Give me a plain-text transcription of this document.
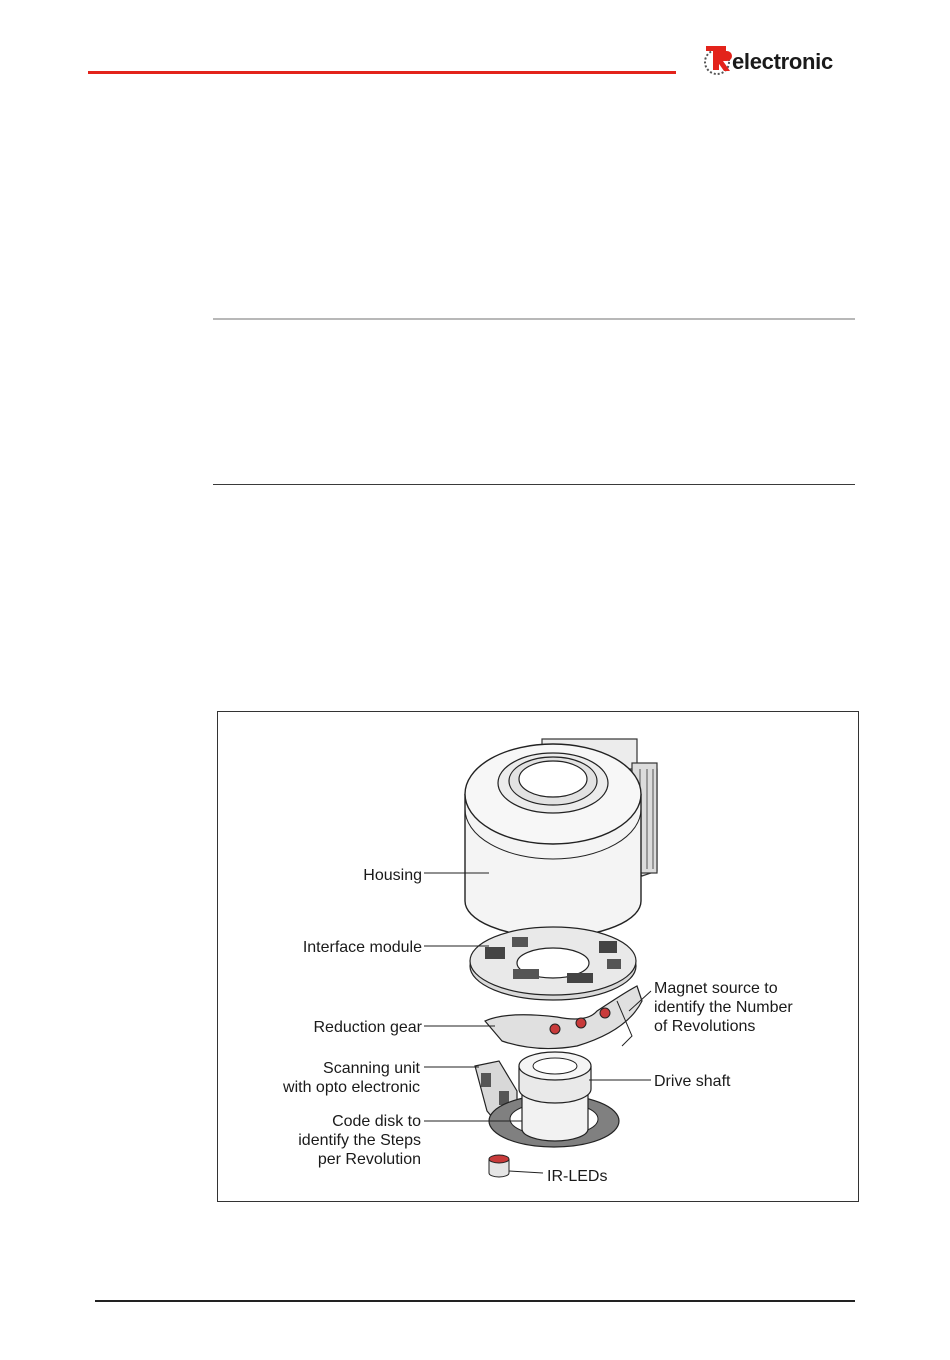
electronic
Housing
Interface module
Reduction gear
Scanning unit
with opto electronic
Code disk to
identify the Steps
per Revolution
Magnet source to
identify the Number
of Revolutions
Drive shaft
IR-LEDs
